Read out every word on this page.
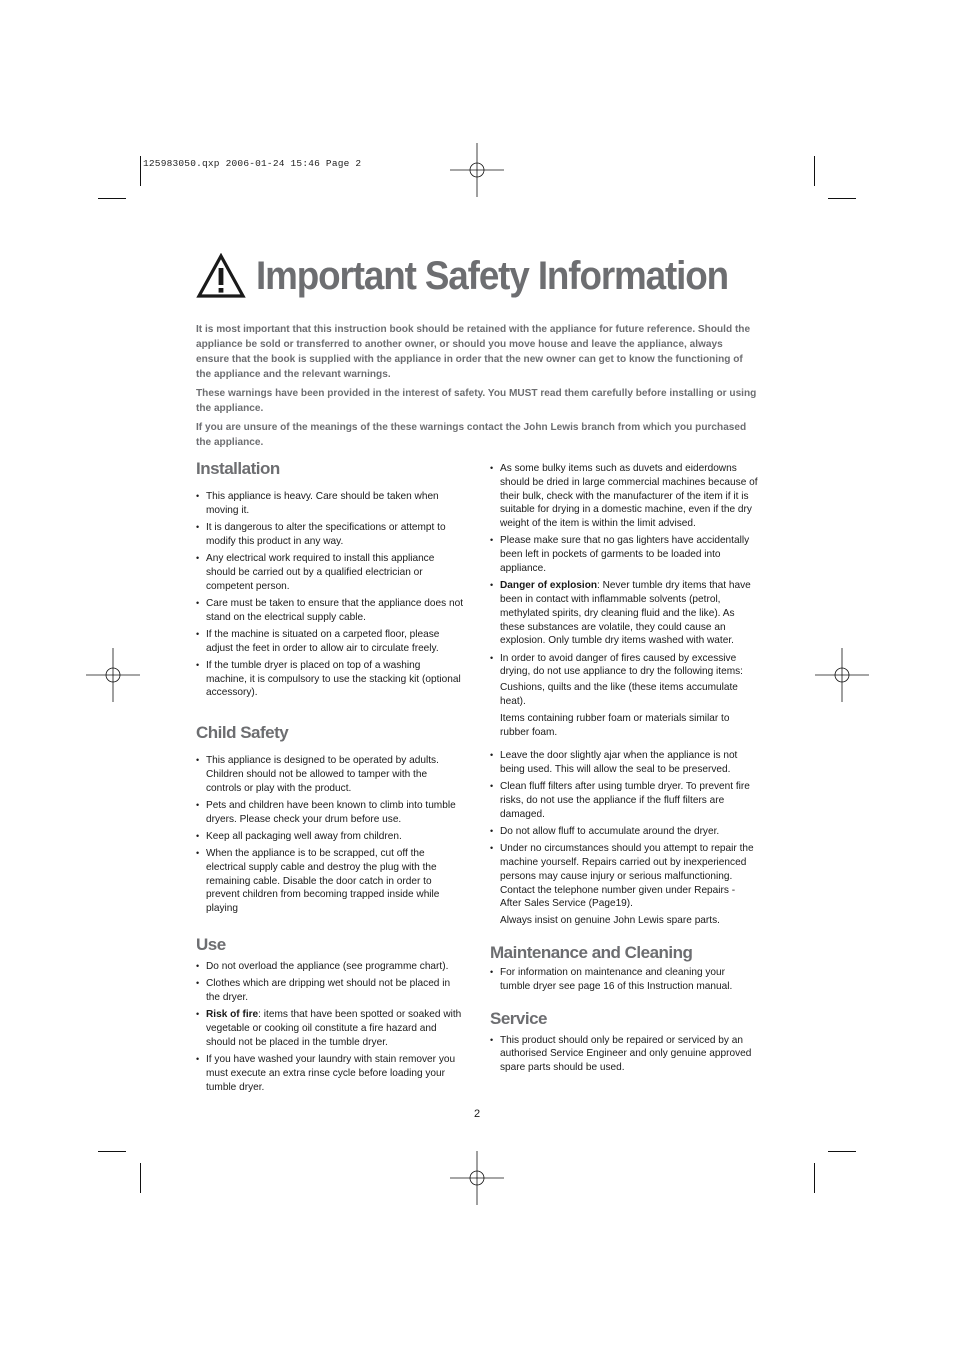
125983050.qxp 2006-01-24 15:46 Page 2
Important Safety Information

It is most important that this instruction book should be retained with the appliance for future reference. Should the appliance be sold or transferred to another owner, or should you move house and leave the appliance, always ensure that the book is supplied with the appliance in order that the new owner can get to know the functioning of the appliance and the relevant warnings.

These warnings have been provided in the interest of safety. You MUST read them carefully before installing or using the appliance.

If you are unsure of the meanings of the these warnings contact the John Lewis branch from which you purchased the appliance.

Installation
• This appliance is heavy. Care should be taken when moving it.
• It is dangerous to alter the specifications or attempt to modify this product in any way.
• Any electrical work required to install this appliance should be carried out by a qualified electrician or competent person.
• Care must be taken to ensure that the appliance does not stand on the electrical supply cable.
• If the machine is situated on a carpeted floor, please adjust the feet in order to allow air to circulate freely.
• If the tumble dryer is placed on top of a washing machine, it is compulsory to use the stacking kit (optional accessory).
Child Safety
• This appliance is designed to be operated by adults. Children should not be allowed to tamper with the controls or play with the product.
• Pets and children have been known to climb into tumble dryers. Please check your drum before use.
• Keep all packaging well away from children.
• When the appliance is to be scrapped, cut off the electrical supply cable and destroy the plug with the remaining cable. Disable the door catch in order to prevent children from becoming trapped inside while playing
Use
• Do not overload the appliance (see programme chart).
• Clothes which are dripping wet should not be placed in the dryer.
• Risk of fire: items that have been spotted or soaked with vegetable or cooking oil constitute a fire hazard and should not be placed in the tumble dryer.
• If you have washed your laundry with stain remover you must execute an extra rinse cycle before loading your tumble dryer.
• As some bulky items such as duvets and eiderdowns should be dried in large commercial machines because of their bulk, check with the manufacturer of the item if it is suitable for drying in a domestic machine, even if the dry weight of the item is within the limit advised.
• Please make sure that no gas lighters have accidentally been left in pockets of garments to be loaded into appliance.
• Danger of explosion: Never tumble dry items that have been in contact with inflammable solvents (petrol, methylated spirits, dry cleaning fluid and the like). As these substances are volatile, they could cause an explosion. Only tumble dry items washed with water.
• In order to avoid danger of fires caused by excessive drying, do not use appliance to dry the following items:
Cushions, quilts and the like (these items accumulate heat).
Items containing rubber foam or materials similar to rubber foam.
• Leave the door slightly ajar when the appliance is not being used. This will allow the seal to be preserved.
• Clean fluff filters after using tumble dryer. To prevent fire risks, do not use the appliance if the fluff filters are damaged.
• Do not allow fluff to accumulate around the dryer.
• Under no circumstances should you attempt to repair the machine yourself. Repairs carried out by inexperienced persons may cause injury or serious malfunctioning. Contact the telephone number given under Repairs - After Sales Service (Page19).
Always insist on genuine John Lewis spare parts.
Maintenance and Cleaning
• For information on maintenance and cleaning your tumble dryer see page 16 of this Instruction manual.
Service
• This product should only be repaired or serviced by an authorised Service Engineer and only genuine approved spare parts should be used.
2
